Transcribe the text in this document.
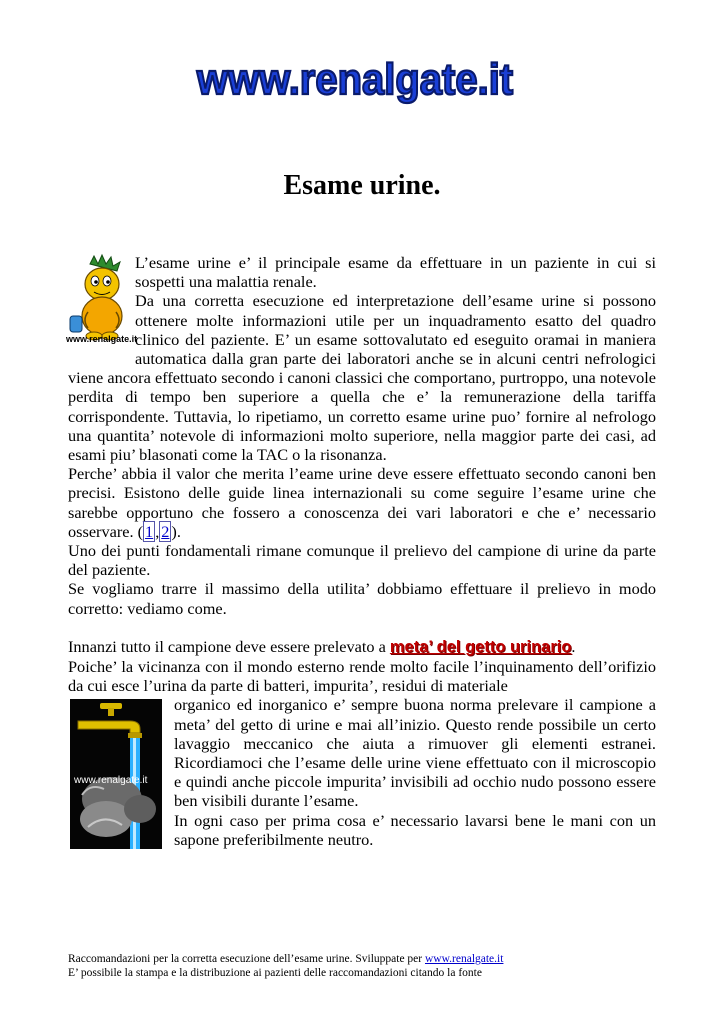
www.renalgate.it
Esame urine.
www.renalgate.it

L’esame urine e’ il principale esame da effettuare in un paziente in cui si sospetti una malattia renale.

Da una corretta esecuzione ed interpretazione dell’esame urine si possono ottenere molte informazioni utile per un inquadramento esatto del quadro clinico del paziente. E’ un esame sottovalutato ed eseguito oramai in maniera automatica dalla gran parte dei laboratori anche se in alcuni centri nefrologici viene ancora effettuato secondo i canoni classici che comportano, purtroppo, una notevole perdita di tempo ben superiore a quella che e’ la remunerazione della tariffa corrispondente. Tuttavia, lo ripetiamo, un corretto esame urine puo’ fornire al nefrologo una quantita’ notevole di informazioni molto superiore, nella maggior parte dei casi, ad esami piu’ blasonati come la TAC o la risonanza.

Perche’ abbia il valor che merita l’eame urine deve essere effettuato secondo canoni ben precisi. Esistono delle guide linea internazionali su come seguire l’esame urine che sarebbe opportuno che fossero a conoscenza dei vari laboratori e che e’ necessario osservare. ( 1 , 2 ).

Uno dei punti fondamentali rimane comunque il prelievo del campione di urine da parte del paziente.

Se vogliamo trarre il massimo della utilita’ dobbiamo effettuare il prelievo in modo corretto: vediamo come.

Innanzi tutto il campione deve essere prelevato a meta’ del getto urinario.

Poiche’ la vicinanza con il mondo esterno rende molto facile l’inquinamento dell’orifizio da cui esce l’urina da parte di batteri, impurita’, residui di materiale

www.renalgate.it

organico ed inorganico e’ sempre buona norma prelevare il campione a meta’ del getto di urine e mai all’inizio. Questo rende possibile un certo lavaggio meccanico che aiuta a rimuover gli elementi estranei. Ricordiamoci che l’esame delle urine viene effettuato con il microscopio e quindi anche piccole impurita’ invisibili ad occhio nudo possono essere ben visibili durante l’esame.

In ogni caso per prima cosa e’ necessario lavarsi bene le mani con un sapone preferibilmente neutro.

Raccomandazioni per la corretta esecuzione dell’esame urine. Sviluppate per www.renalgate.it
E’ possibile la stampa e la distribuzione ai pazienti delle raccomandazioni citando la fonte
